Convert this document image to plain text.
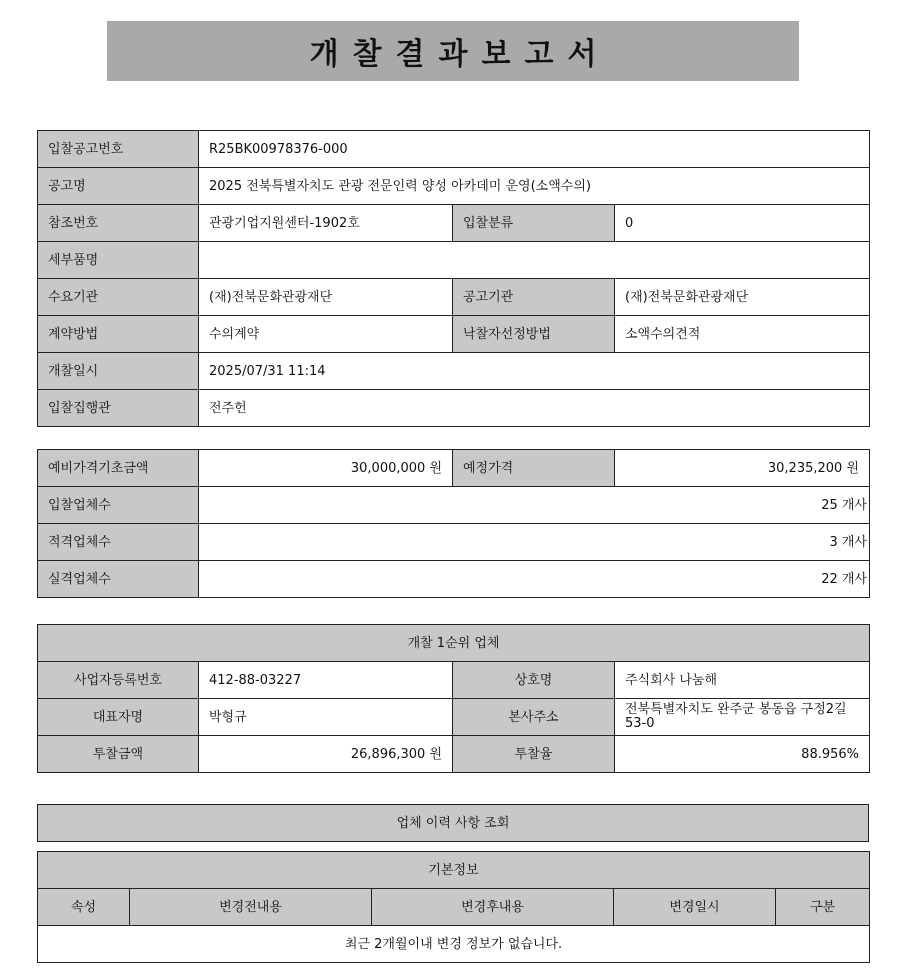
개찰결과보고서
입찰공고번호	R25BK00978376-000		
공고명	2025 전북특별자치도 관광 전문인력 양성 아카데미 운영(소액수의)		
참조번호	관광기업지원센터-1902호	입찰분류	0
세부품명			
수요기관	(재)전북문화관광재단	공고기관	(재)전북문화관광재단
계약방법	수의계약	낙찰자선정방법	소액수의견적
개찰일시	2025/07/31 11:14		
입찰집행관	전주헌		
예비가격기초금액	30,000,000 원	예정가격	30,235,200 원
입찰업체수	25 개사		
적격업체수	3 개사		
실격업체수	22 개사		
개찰 1순위 업체			
사업자등록번호	412-88-03227	상호명	주식회사 나눔해
대표자명	박형규	본사주소	전북특별자치도 완주군 봉동읍 구정2길 53-0
투찰금액	26,896,300 원	투찰율	88.956%
업체 이력 사항 조회
기본정보
속성	변경전내용	변경후내용	변경일시	구분
최근 2개월이내 변경 정보가 없습니다.
